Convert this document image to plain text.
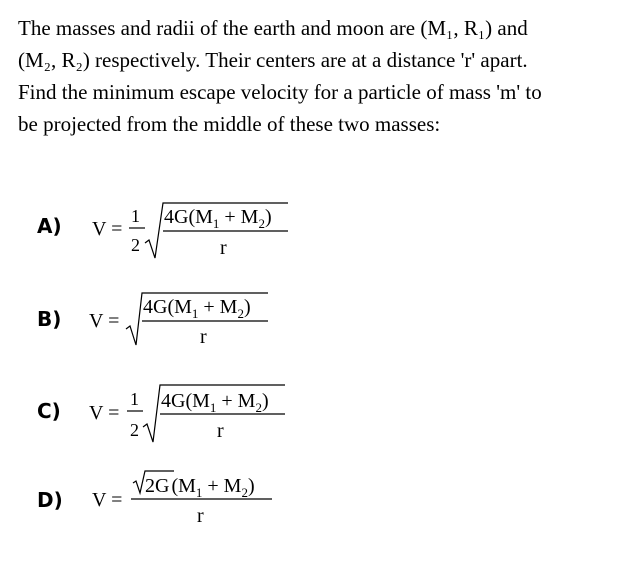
The masses and radii of the earth and moon are (M₁, R₁) and
(M₂, R₂) respectively. Their centers are at a distance 'r' apart.
Find the minimum escape velocity for a particle of mass 'm' to
be projected from the middle of these two masses:
A) V =
1
2
$4G(M_1 + M_2)$
r
B) V =
$4G(M_1 + M_2)$
r
C) V =
1
2
$4G(M_1 + M_2)$
r
D) V =
2G $(M_1 + M_2)$
r
